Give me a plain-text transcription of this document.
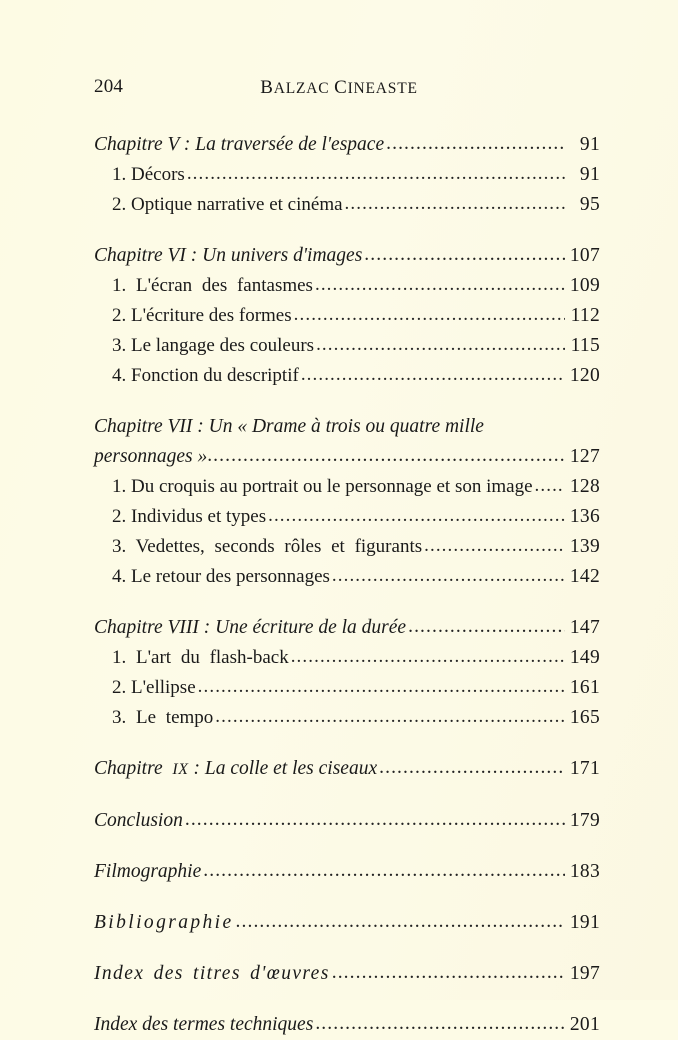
204	BALZAC CINEASTE
Chapitre V : La traversée de l'espace .....	91
1. Décors .....	91
2. Optique narrative et cinéma .....	95
Chapitre VI : Un univers d'images .....	107
1. L'écran des fantasmes .....	109
2. L'écriture des formes .....	112
3. Le langage des couleurs .....	115
4. Fonction du descriptif .....	120
Chapitre VII : Un « Drame à trois ou quatre mille
personnages » .....	127
1. Du croquis au portrait ou le personnage et son image ..... 128
2. Individus et types .....	136
3. Vedettes, seconds rôles et figurants .....	139
4. Le retour des personnages .....	142
Chapitre VIII : Une écriture de la durée .....	147
1. L'art du flash-back .....	149
2. L'ellipse .....	161
3. Le tempo .....	165
Chapitre IX : La colle et les ciseaux .....	171
Conclusion .....	179
Filmographie .....	183
Bibliographie .....	191
Index des titres d'œuvres .....	197
Index des termes techniques .....	201
